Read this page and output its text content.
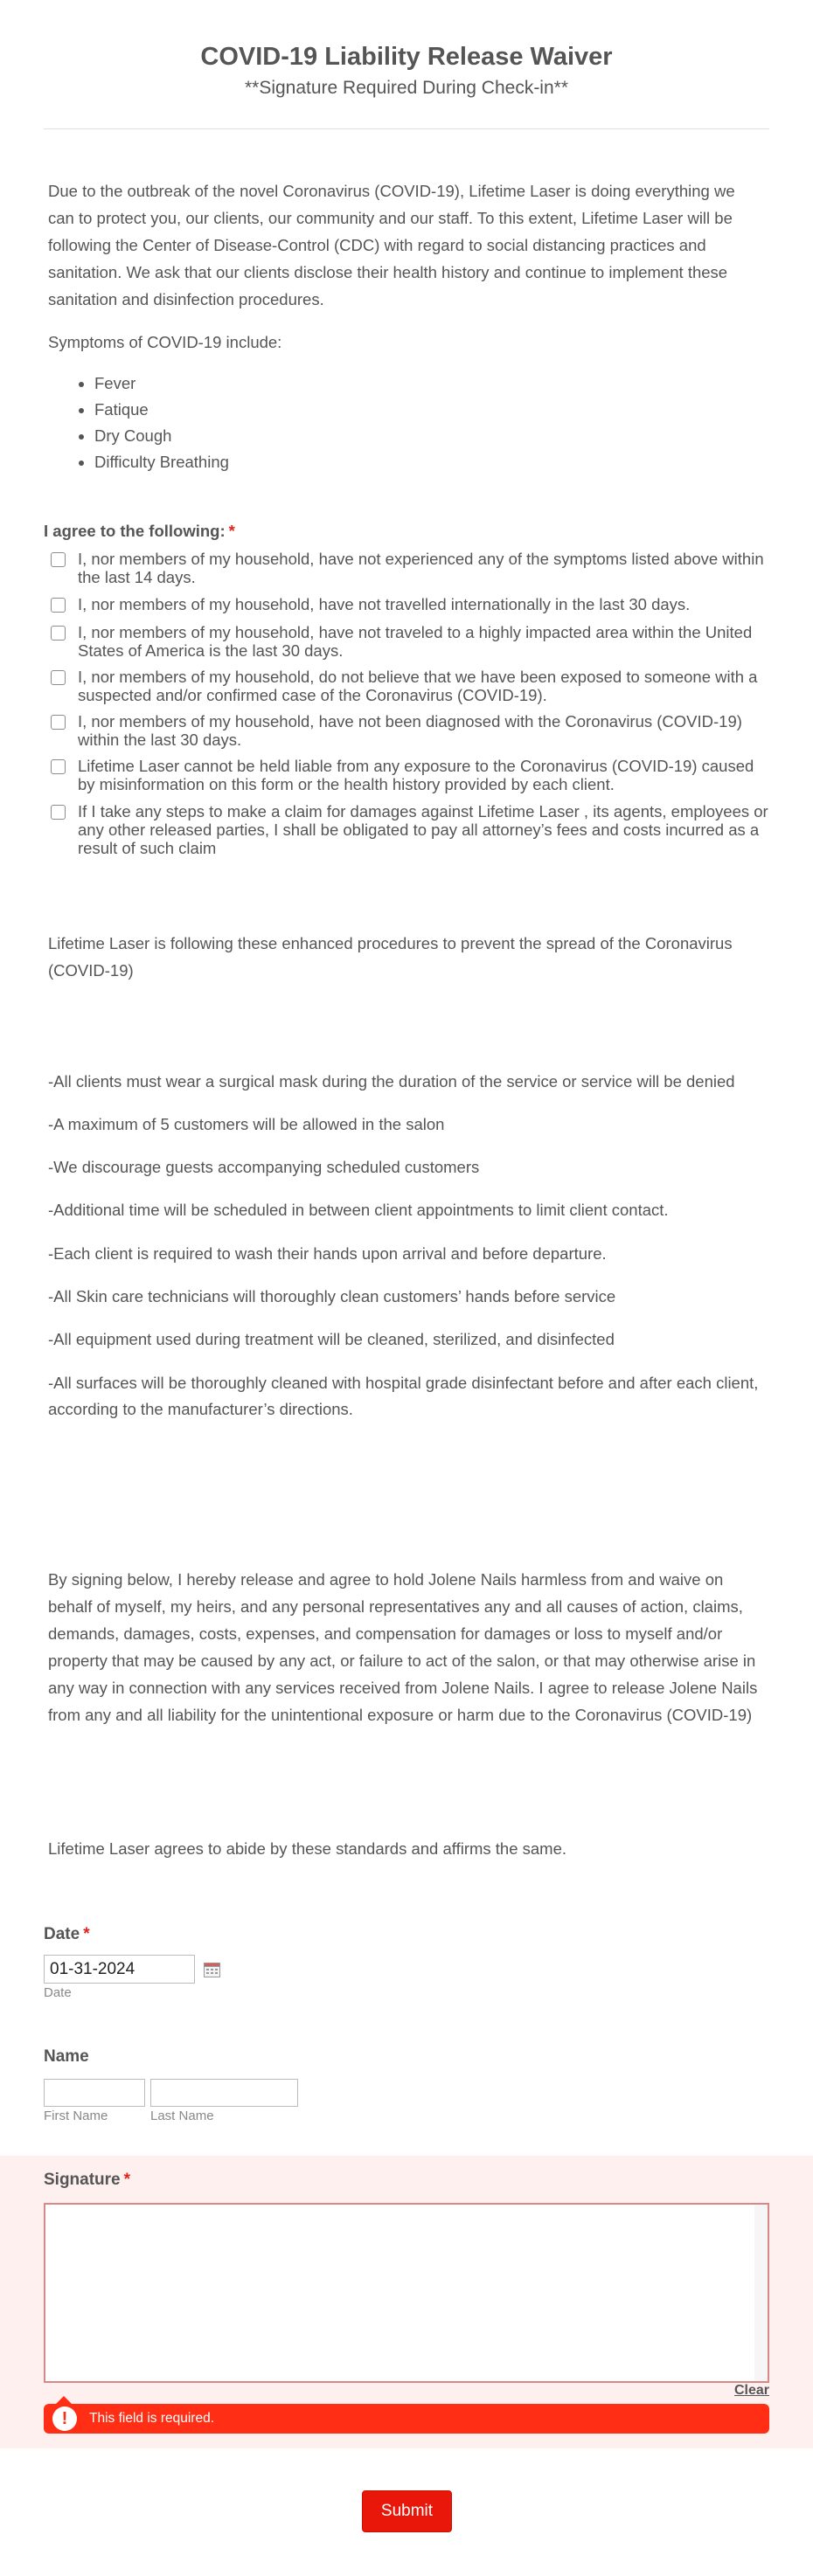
COVID-19 Liability Release Waiver
**Signature Required During Check-in**

Due to the outbreak of the novel Coronavirus (COVID-19), Lifetime Laser is doing everything we can to protect you, our clients, our community and our staff. To this extent, Lifetime Laser will be following the Center of Disease-Control (CDC) with regard to social distancing practices and sanitation. We ask that our clients disclose their health history and continue to implement these sanitation and disinfection procedures.

Symptoms of COVID-19 include:

• Fever
• Fatique
• Dry Cough
• Difficulty Breathing
I agree to the following: *
I, nor members of my household, have not experienced any of the symptoms listed above within the last 14 days.
I, nor members of my household, have not travelled internationally in the last 30 days.
I, nor members of my household, have not traveled to a highly impacted area within the United States of America is the last 30 days.
I, nor members of my household, do not believe that we have been exposed to someone with a suspected and/or confirmed case of the Coronavirus (COVID-19).
I, nor members of my household, have not been diagnosed with the Coronavirus (COVID-19) within the last 30 days.
Lifetime Laser cannot be held liable from any exposure to the Coronavirus (COVID-19) caused by misinformation on this form or the health history provided by each client.
If I take any steps to make a claim for damages against Lifetime Laser , its agents, employees or any other released parties, I shall be obligated to pay all attorney’s fees and costs incurred as a result of such claim

Lifetime Laser is following these enhanced procedures to prevent the spread of the Coronavirus (COVID-19)

-All clients must wear a surgical mask during the duration of the service or service will be denied

-A maximum of 5 customers will be allowed in the salon

-We discourage guests accompanying scheduled customers

-Additional time will be scheduled in between client appointments to limit client contact.

-Each client is required to wash their hands upon arrival and before departure.

-All Skin care technicians will thoroughly clean customers’ hands before service

-All equipment used during treatment will be cleaned, sterilized, and disinfected

-All surfaces will be thoroughly cleaned with hospital grade disinfectant before and after each client, according to the manufacturer’s directions.

By signing below, I hereby release and agree to hold Jolene Nails harmless from and waive on behalf of myself, my heirs, and any personal representatives any and all causes of action, claims, demands, damages, costs, expenses, and compensation for damages or loss to myself and/or property that may be caused by any act, or failure to act of the salon, or that may otherwise arise in any way in connection with any services received from Jolene Nails. I agree to release Jolene Nails from any and all liability for the unintentional exposure or harm due to the Coronavirus (COVID-19)

Lifetime Laser agrees to abide by these standards and affirms the same.

Date *
01-31-2024
Date
Name
First Name	Last Name
Signature *
Clear
!	This field is required.
Submit
